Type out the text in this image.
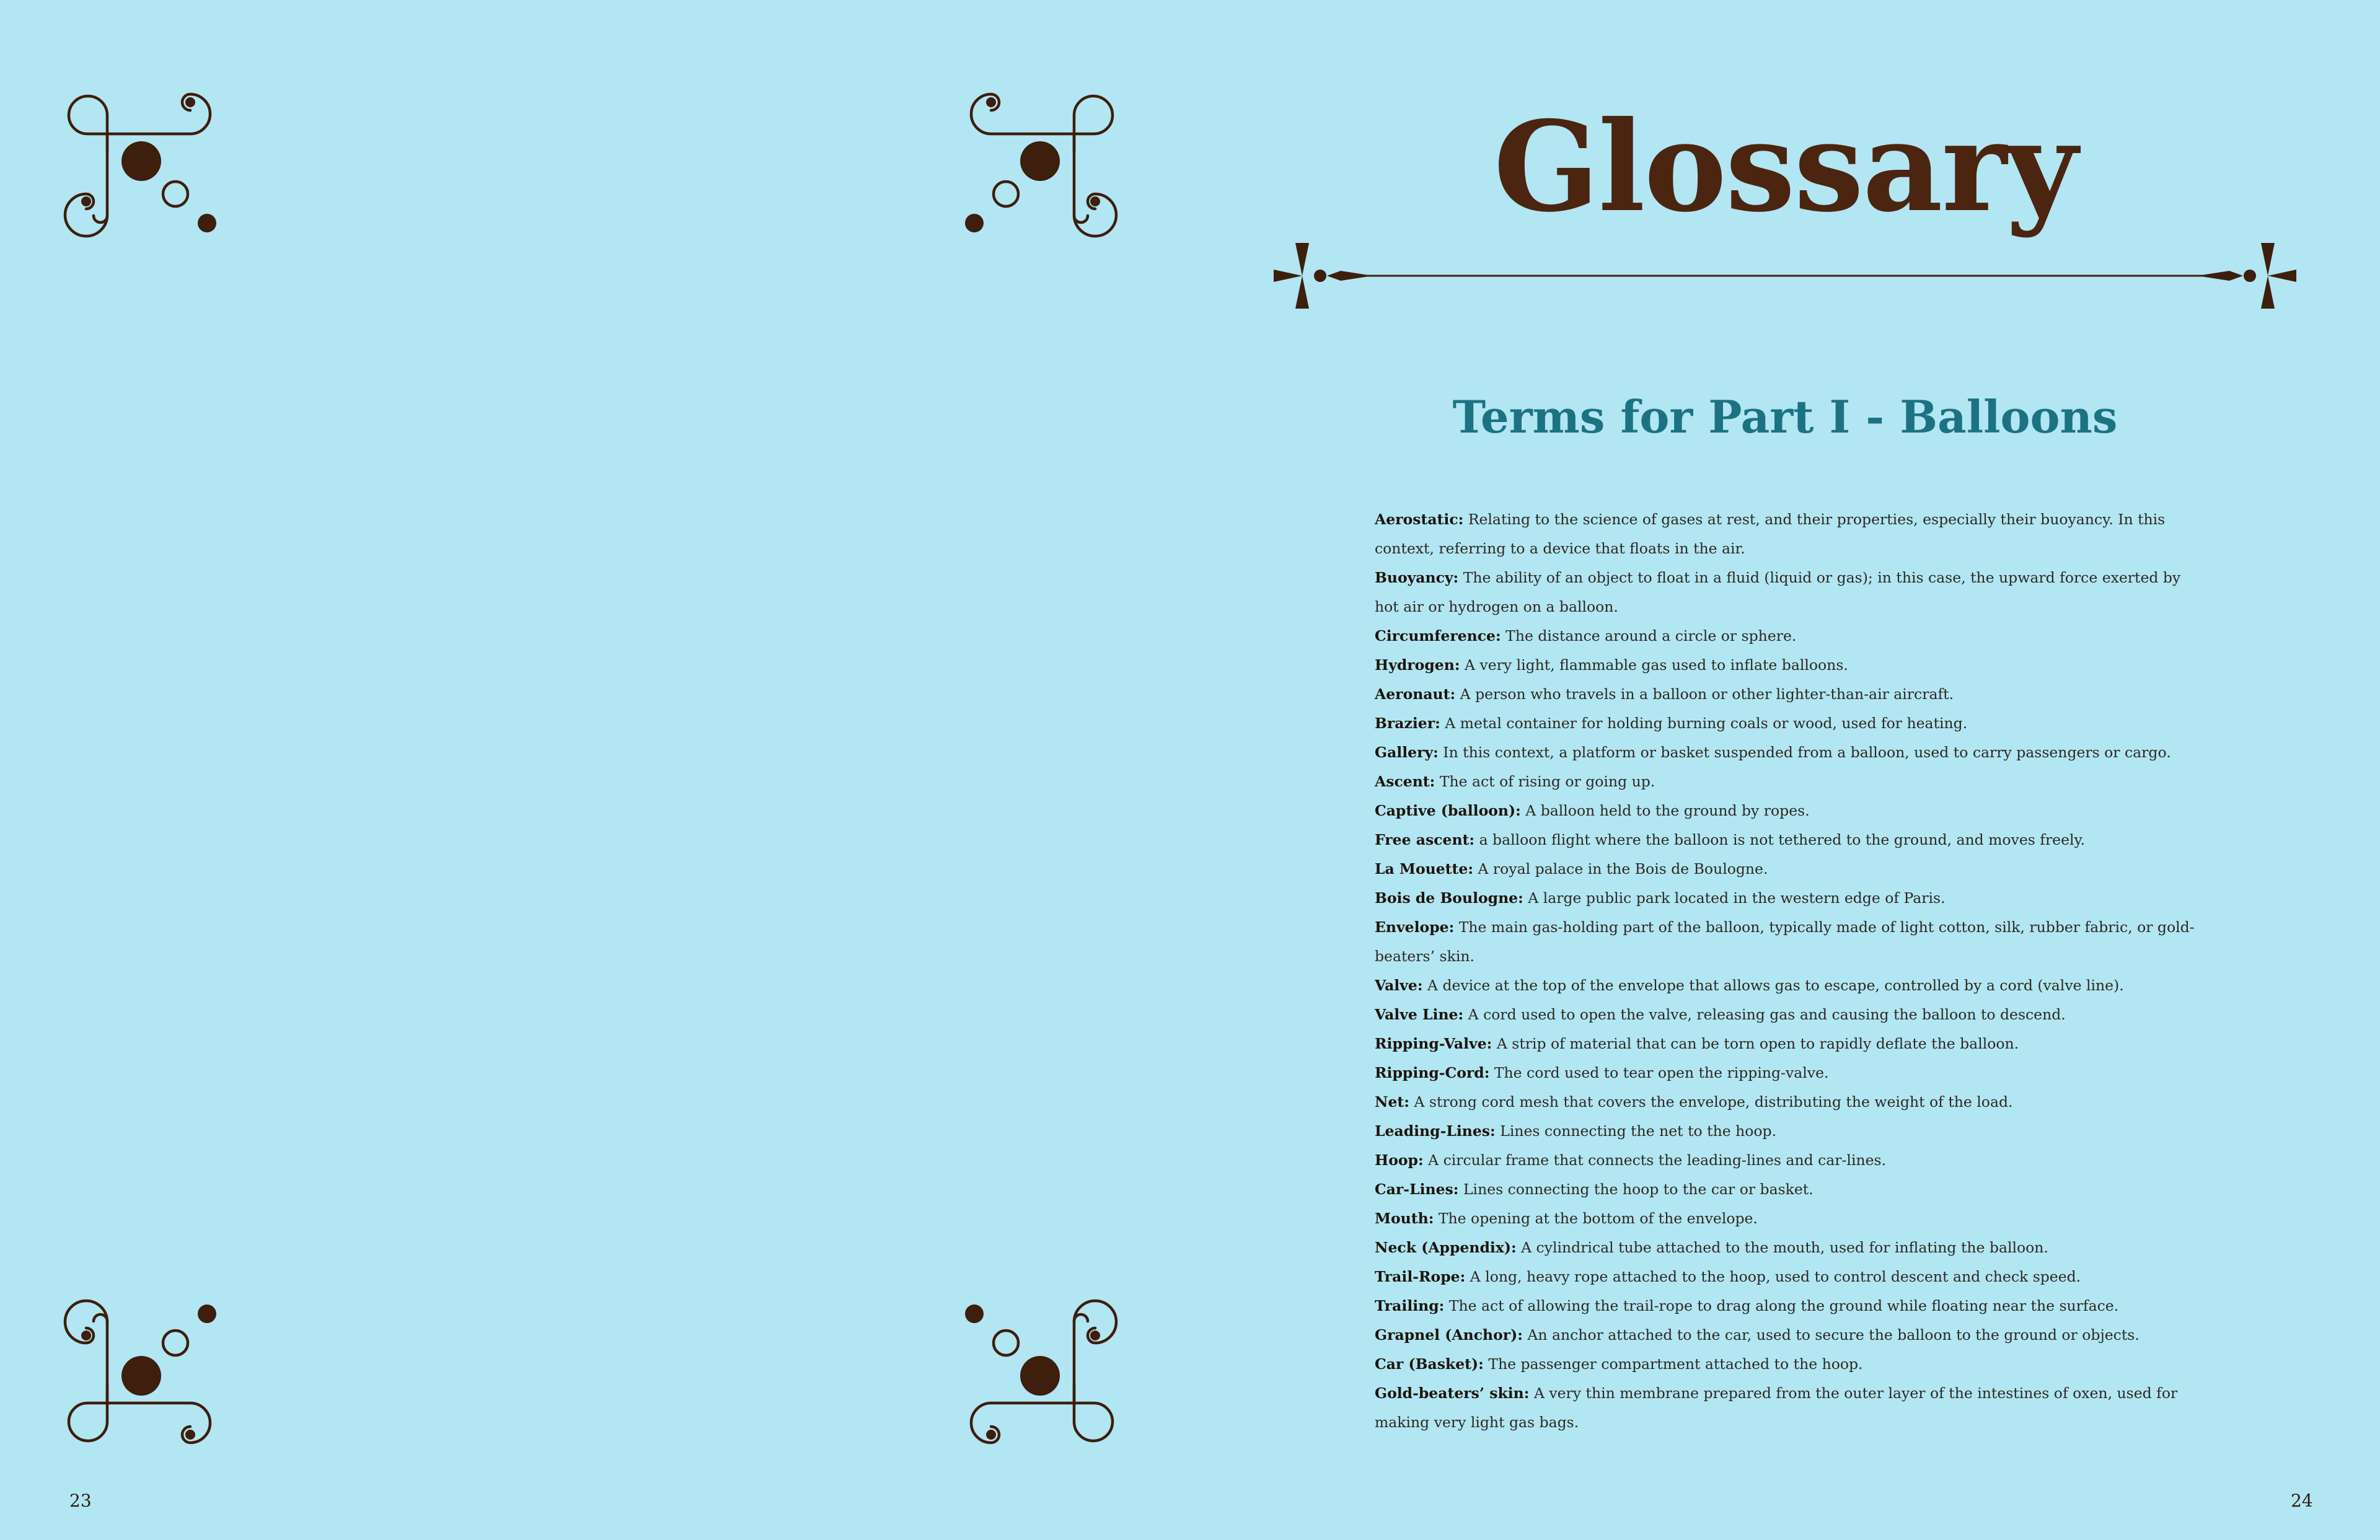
23
Glossary
Terms for Part I - Balloons

Aerostatic: Relating to the science of gases at rest, and their properties, especially their buoyancy. In this context, referring to a device that floats in the air.

Buoyancy: The ability of an object to float in a fluid (liquid or gas); in this case, the upward force exerted by hot air or hydrogen on a balloon.

Circumference: The distance around a circle or sphere.

Hydrogen: A very light, flammable gas used to inflate balloons.

Aeronaut: A person who travels in a balloon or other lighter-than-air aircraft.

Brazier: A metal container for holding burning coals or wood, used for heating.

Gallery: In this context, a platform or basket suspended from a balloon, used to carry passengers or cargo.

Ascent: The act of rising or going up.

Captive (balloon): A balloon held to the ground by ropes.

Free ascent: a balloon flight where the balloon is not tethered to the ground, and moves freely.

La Mouette: A royal palace in the Bois de Boulogne.

Bois de Boulogne: A large public park located in the western edge of Paris.

Envelope: The main gas-holding part of the balloon, typically made of light cotton, silk, rubber fabric, or gold-beaters’ skin.

Valve: A device at the top of the envelope that allows gas to escape, controlled by a cord (valve line).

Valve Line: A cord used to open the valve, releasing gas and causing the balloon to descend.

Ripping-Valve: A strip of material that can be torn open to rapidly deflate the balloon.

Ripping-Cord: The cord used to tear open the ripping-valve.

Net: A strong cord mesh that covers the envelope, distributing the weight of the load.

Leading-Lines: Lines connecting the net to the hoop.

Hoop: A circular frame that connects the leading-lines and car-lines.

Car-Lines: Lines connecting the hoop to the car or basket.

Mouth: The opening at the bottom of the envelope.

Neck (Appendix): A cylindrical tube attached to the mouth, used for inflating the balloon.

Trail-Rope: A long, heavy rope attached to the hoop, used to control descent and check speed.

Trailing: The act of allowing the trail-rope to drag along the ground while floating near the surface.

Grapnel (Anchor): An anchor attached to the car, used to secure the balloon to the ground or objects.

Car (Basket): The passenger compartment attached to the hoop.

Gold-beaters’ skin: A very thin membrane prepared from the outer layer of the intestines of oxen, used for making very light gas bags.

24
